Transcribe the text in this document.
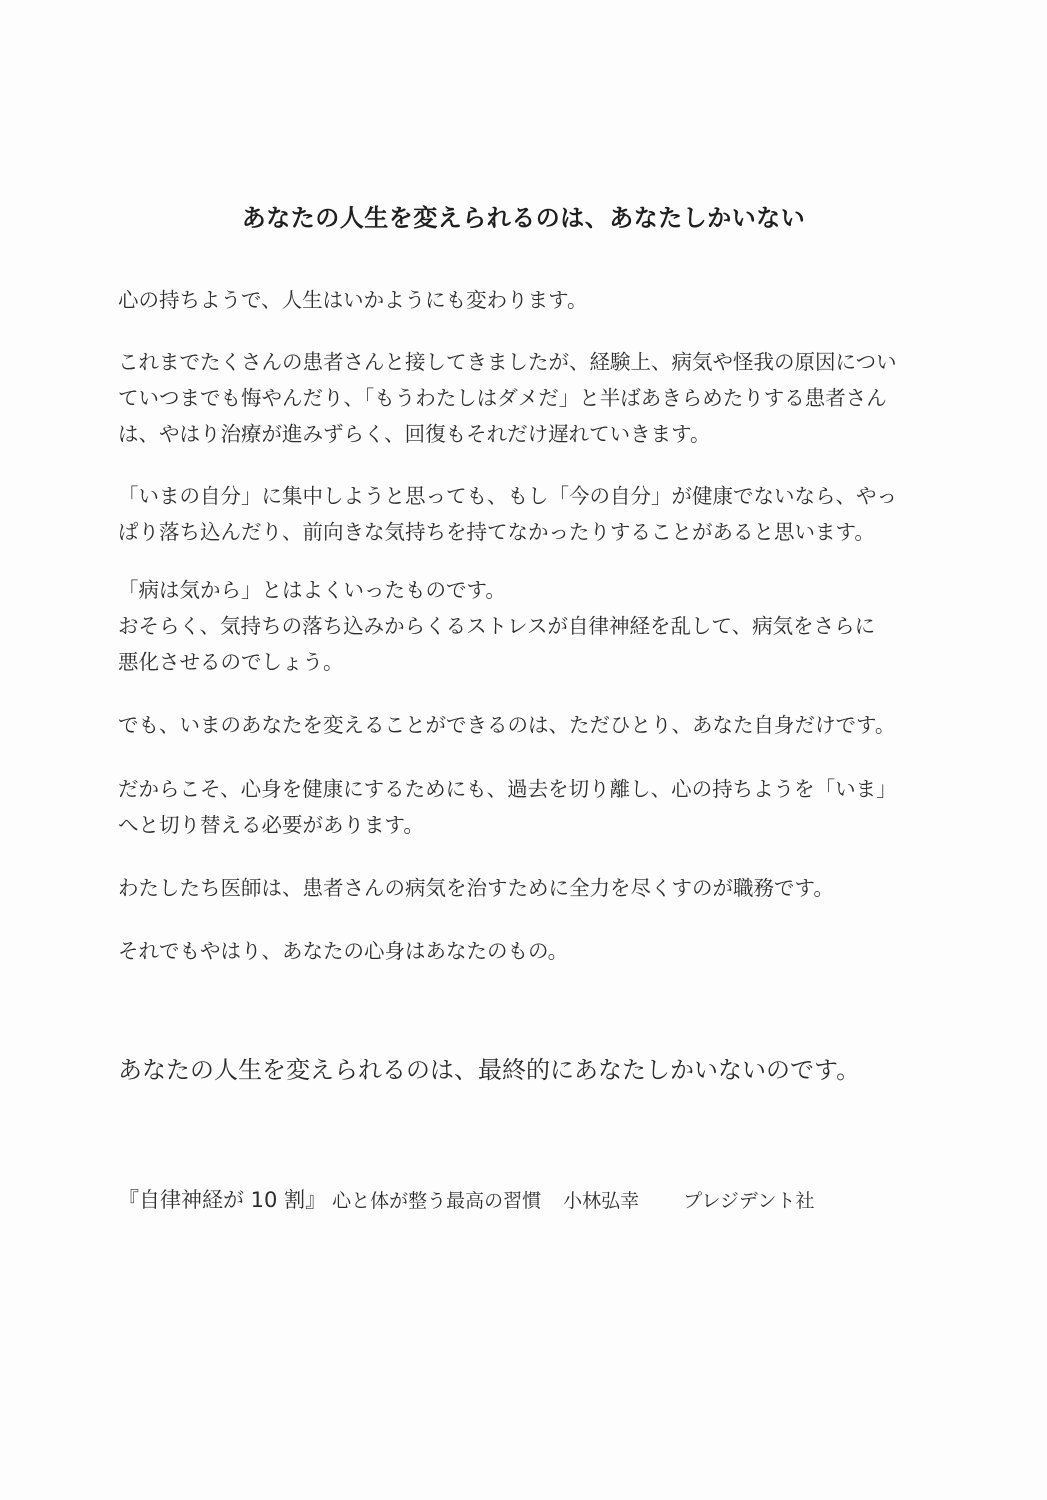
あなたの人生を変えられるのは、あなたしかいない
心の持ちようで、人生はいかようにも変わります。
これまでたくさんの患者さんと接してきましたが、経験上、病気や怪我の原因につい
ていつまでも悔やんだり、「もうわたしはダメだ」と半ばあきらめたりする患者さん
は、やはり治療が進みずらく、回復もそれだけ遅れていきます。
「いまの自分」に集中しようと思っても、もし「今の自分」が健康でないなら、やっ
ぱり落ち込んだり、前向きな気持ちを持てなかったりすることがあると思います。
「病は気から」とはよくいったものです。
おそらく、気持ちの落ち込みからくるストレスが自律神経を乱して、病気をさらに
悪化させるのでしょう。
でも、いまのあなたを変えることができるのは、ただひとり、あなた自身だけです。
だからこそ、心身を健康にするためにも、過去を切り離し、心の持ちようを「いま」
へと切り替える必要があります。
わたしたち医師は、患者さんの病気を治すために全力を尽くすのが職務です。
それでもやはり、あなたの心身はあなたのもの。
あなたの人生を変えられるのは、最終的にあなたしかいないのです。
『自律神経が 10 割』 心と体が整う最高の習慣 小林弘幸 プレジデント社
